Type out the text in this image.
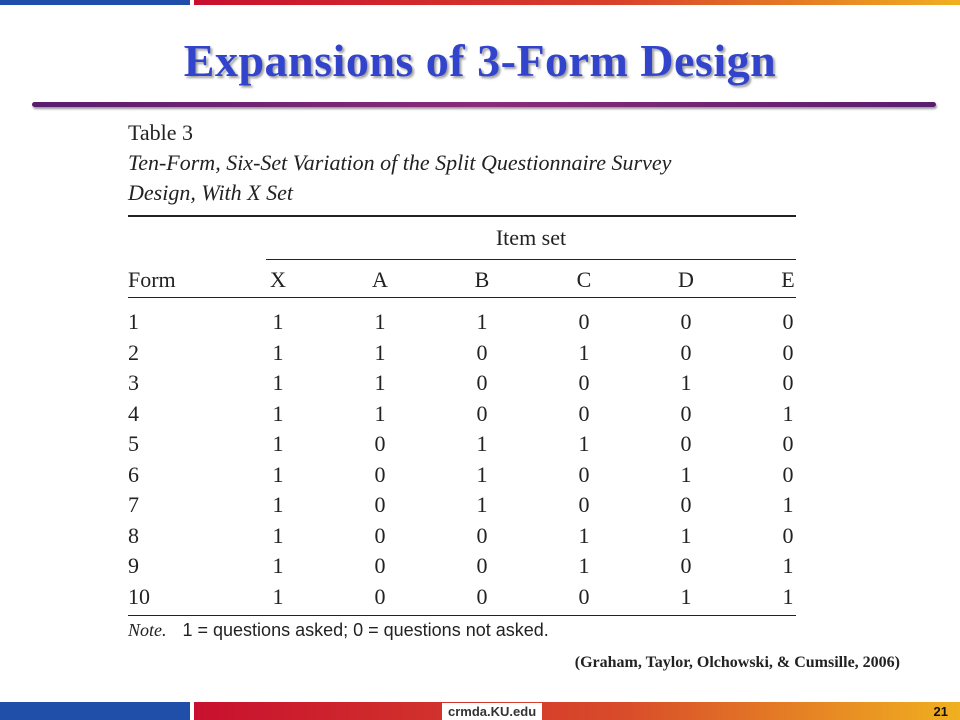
Expansions of 3-Form Design
Table 3
Ten-Form, Six-Set Variation of the Split Questionnaire Survey
Design, With X Set
Item set
Form	X	A	B	C	D	E
1	1	1	1	0	0	0
2	1	1	0	1	0	0
3	1	1	0	0	1	0
4	1	1	0	0	0	1
5	1	0	1	1	0	0
6	1	0	1	0	1	0
7	1	0	1	0	0	1
8	1	0	0	1	1	0
9	1	0	0	1	0	1
10	1	0	0	0	1	1
Note. 1 = questions asked; 0 = questions not asked.
(Graham, Taylor, Olchowski, & Cumsille, 2006)
crmda.KU.edu	21
